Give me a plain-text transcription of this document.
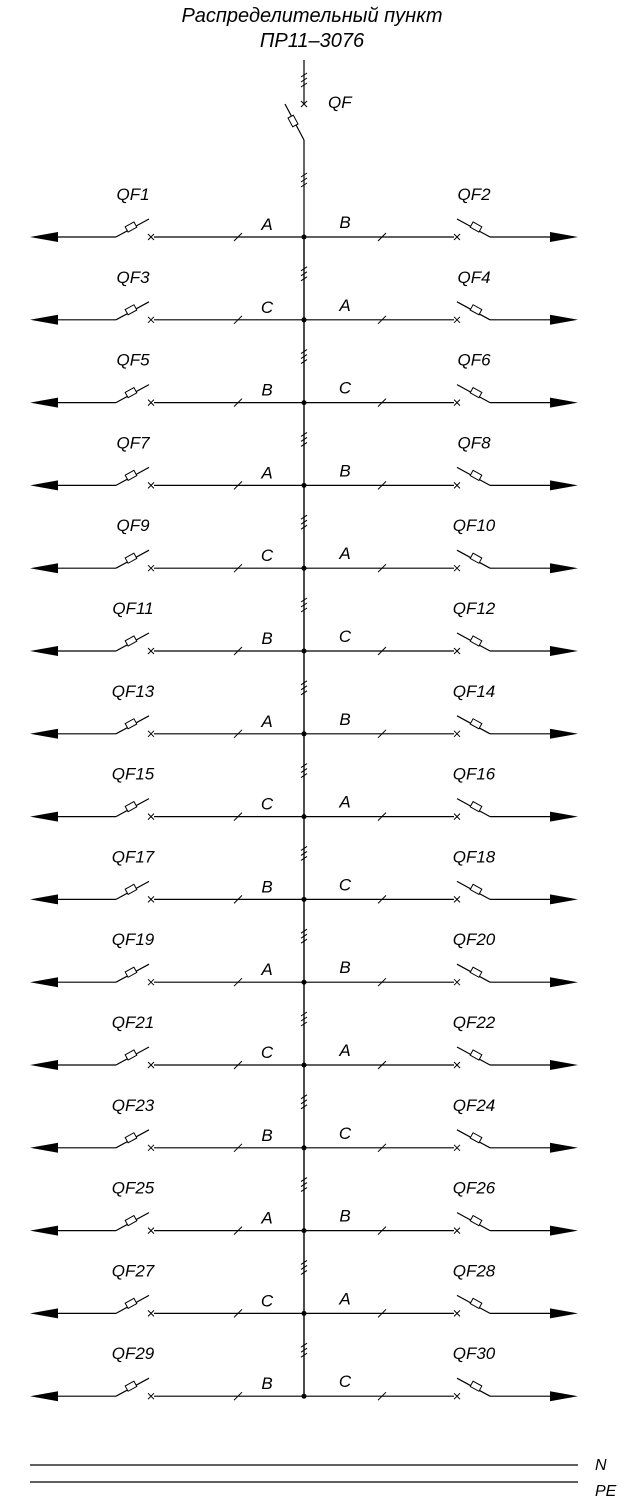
Распределительный пункт
ПР11–3076
QF
QF1
A
QF2
B
QF3
C
QF4
A
QF5
B
QF6
C
QF7
A
QF8
B
QF9
C
QF10
A
QF11
B
QF12
C
QF13
A
QF14
B
QF15
C
QF16
A
QF17
B
QF18
C
QF19
A
QF20
B
QF21
C
QF22
A
QF23
B
QF24
C
QF25
A
QF26
B
QF27
C
QF28
A
QF29
B
QF30
C
N
PE
